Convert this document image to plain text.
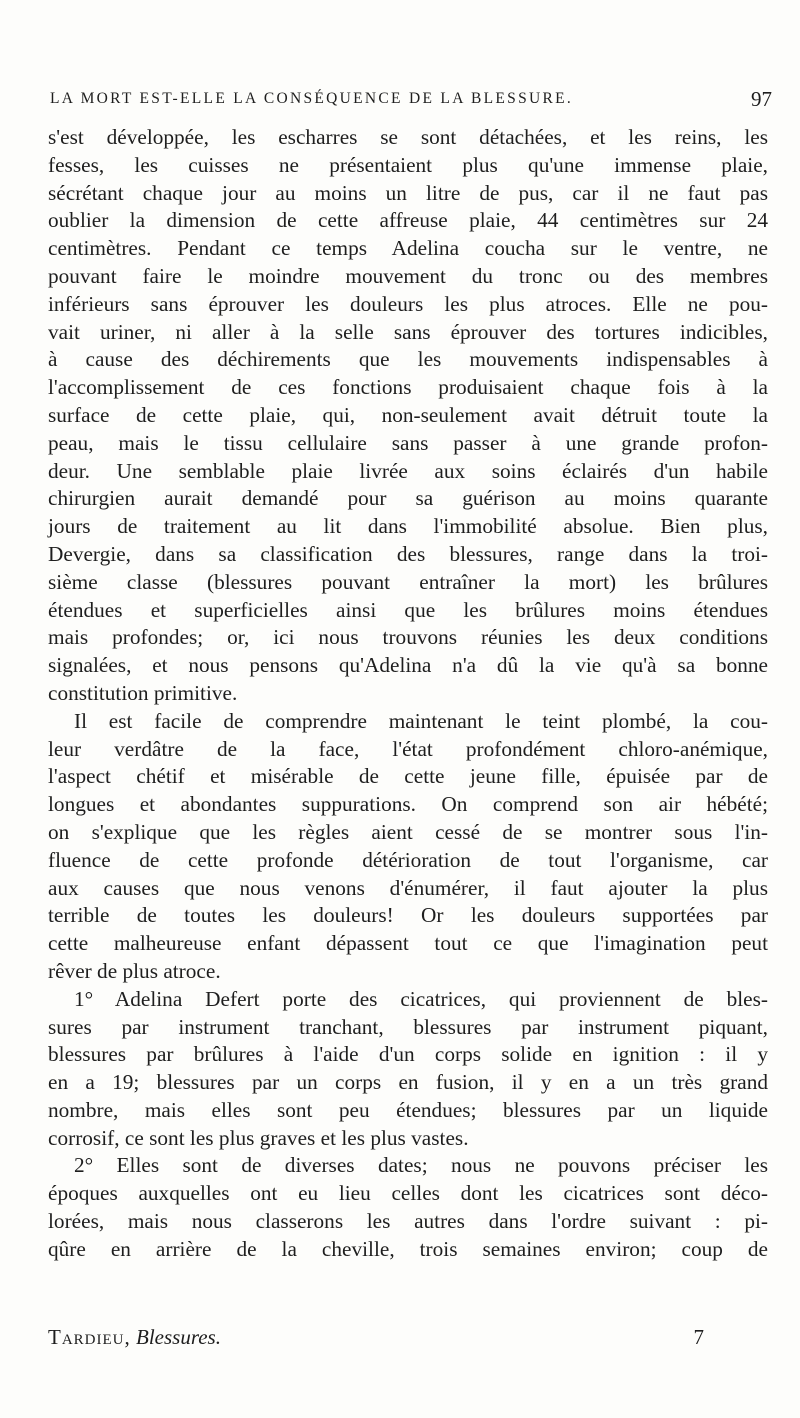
LA MORT EST-ELLE LA CONSÉQUENCE DE LA BLESSURE.	97
s'est développée, les escharres se sont détachées, et les reins, les
fesses, les cuisses ne présentaient plus qu'une immense plaie,
sécrétant chaque jour au moins un litre de pus, car il ne faut pas
oublier la dimension de cette affreuse plaie, 44 centimètres sur 24
centimètres. Pendant ce temps Adelina coucha sur le ventre, ne
pouvant faire le moindre mouvement du tronc ou des membres
inférieurs sans éprouver les douleurs les plus atroces. Elle ne pou-
vait uriner, ni aller à la selle sans éprouver des tortures indicibles,
à cause des déchirements que les mouvements indispensables à
l'accomplissement de ces fonctions produisaient chaque fois à la
surface de cette plaie, qui, non-seulement avait détruit toute la
peau, mais le tissu cellulaire sans passer à une grande profon-
deur. Une semblable plaie livrée aux soins éclairés d'un habile
chirurgien aurait demandé pour sa guérison au moins quarante
jours de traitement au lit dans l'immobilité absolue. Bien plus,
Devergie, dans sa classification des blessures, range dans la troi-
sième classe (blessures pouvant entraîner la mort) les brûlures
étendues et superficielles ainsi que les brûlures moins étendues
mais profondes; or, ici nous trouvons réunies les deux conditions
signalées, et nous pensons qu'Adelina n'a dû la vie qu'à sa bonne
constitution primitive.
Il est facile de comprendre maintenant le teint plombé, la cou-
leur verdâtre de la face, l'état profondément chloro-anémique,
l'aspect chétif et misérable de cette jeune fille, épuisée par de
longues et abondantes suppurations. On comprend son air hébété;
on s'explique que les règles aient cessé de se montrer sous l'in-
fluence de cette profonde détérioration de tout l'organisme, car
aux causes que nous venons d'énumérer, il faut ajouter la plus
terrible de toutes les douleurs! Or les douleurs supportées par
cette malheureuse enfant dépassent tout ce que l'imagination peut
rêver de plus atroce.
1° Adelina Defert porte des cicatrices, qui proviennent de bles-
sures par instrument tranchant, blessures par instrument piquant,
blessures par brûlures à l'aide d'un corps solide en ignition : il y
en a 19; blessures par un corps en fusion, il y en a un très grand
nombre, mais elles sont peu étendues; blessures par un liquide
corrosif, ce sont les plus graves et les plus vastes.
2° Elles sont de diverses dates; nous ne pouvons préciser les
époques auxquelles ont eu lieu celles dont les cicatrices sont déco-
lorées, mais nous classerons les autres dans l'ordre suivant : pi-
qûre en arrière de la cheville, trois semaines environ; coup de
Tardieu, Blessures.	7
